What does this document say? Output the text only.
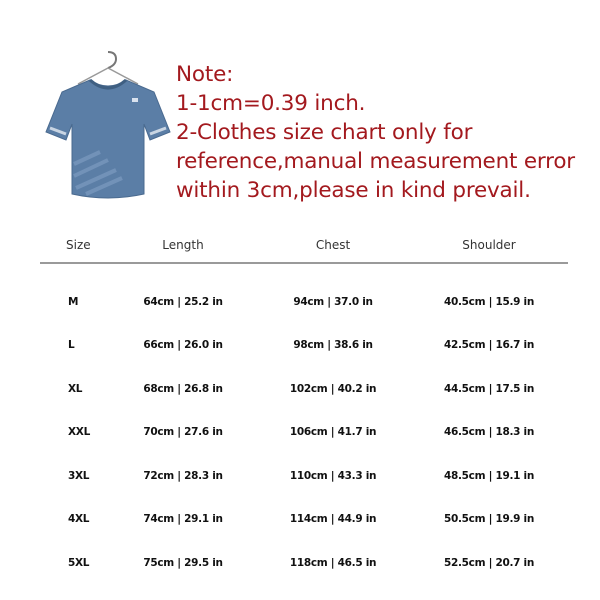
Note:
1-1cm=0.39 inch.
2-Clothes size chart only for
reference,manual measurement error
within 3cm,please in kind prevail.
Size	Length	Chest	Shoulder
M	64cm | 25.2 in	94cm | 37.0 in	40.5cm | 15.9 in
L	66cm | 26.0 in	98cm | 38.6 in	42.5cm | 16.7 in
XL	68cm | 26.8 in	102cm | 40.2 in	44.5cm | 17.5 in
XXL	70cm | 27.6 in	106cm | 41.7 in	46.5cm | 18.3 in
3XL	72cm | 28.3 in	110cm | 43.3 in	48.5cm | 19.1 in
4XL	74cm | 29.1 in	114cm | 44.9 in	50.5cm | 19.9 in
5XL	75cm | 29.5 in	118cm | 46.5 in	52.5cm | 20.7 in
